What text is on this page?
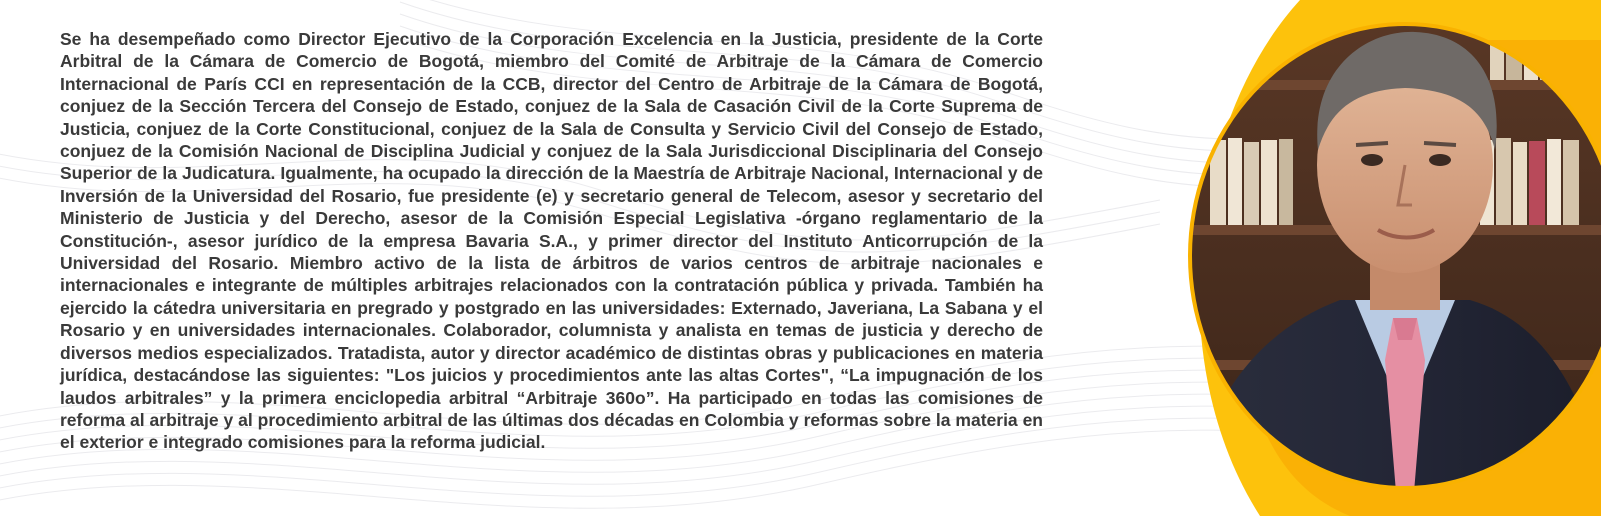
Se ha desempeñado como Director Ejecutivo de la Corporación Excelencia en la Justicia, presidente de la Corte Arbitral de la Cámara de Comercio de Bogotá, miembro del Comité de Arbitraje de la Cámara de Comercio Internacional de París CCI en representación de la CCB, director del Centro de Arbitraje de la Cámara de Bogotá, conjuez de la Sección Tercera del Consejo de Estado, conjuez de la Sala de Casación Civil de la Corte Suprema de Justicia, conjuez de la Corte Constitucional, conjuez de la Sala de Consulta y Servicio Civil del Consejo de Estado, conjuez de la Comisión Nacional de Disciplina Judicial y conjuez de la Sala Jurisdiccional Disciplinaria del Consejo Superior de la Judicatura. Igualmente, ha ocupado la dirección de la Maestría de Arbitraje Nacional, Internacional y de Inversión de la Universidad del Rosario, fue presidente (e) y secretario general de Telecom, asesor y secretario del Ministerio de Justicia y del Derecho, asesor de la Comisión Especial Legislativa -órgano reglamentario de la Constitución-, asesor jurídico de la empresa Bavaria S.A., y primer director del Instituto Anticorrupción de la Universidad del Rosario. Miembro activo de la lista de árbitros de varios centros de arbitraje nacionales e internacionales e integrante de múltiples arbitrajes relacionados con la contratación pública y privada. También ha ejercido la cátedra universitaria en pregrado y postgrado en las universidades: Externado, Javeriana, La Sabana y el Rosario y en universidades internacionales. Colaborador, columnista y analista en temas de justicia y derecho de diversos medios especializados. Tratadista, autor y director académico de distintas obras y publicaciones en materia jurídica, destacándose las siguientes: "Los juicios y procedimientos ante las altas Cortes", “La impugnación de los laudos arbitrales” y la primera enciclopedia arbitral “Arbitraje 360o”. Ha participado en todas las comisiones de reforma al arbitraje y al procedimiento arbitral de las últimas dos décadas en Colombia y reformas sobre la materia en el exterior e integrado comisiones para la reforma judicial.
